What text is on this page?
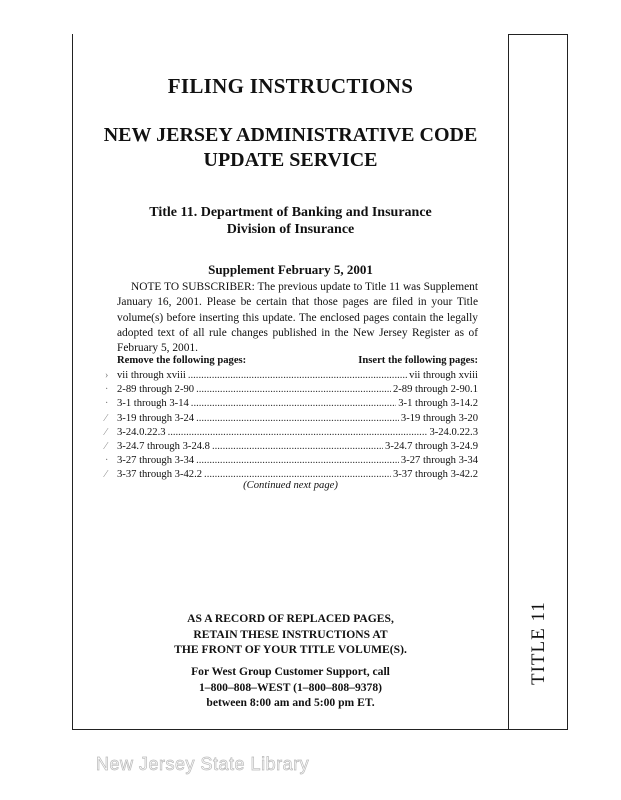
FILING INSTRUCTIONS
NEW JERSEY ADMINISTRATIVE CODE
UPDATE SERVICE
Title 11. Department of Banking and Insurance
Division of Insurance
Supplement February 5, 2001

NOTE TO SUBSCRIBER: The previous update to Title 11 was Supplement January 16, 2001. Please be certain that those pages are filed in your Title volume(s) before inserting this update. The enclosed pages contain the legally adopted text of all rule changes published in the New Jersey Register as of February 5, 2001.

Remove the following pages:	Insert the following pages:
› vii through xviii .....	vii through xviii
· 2-89 through 2-90 .....	2-89 through 2-90.1
· 3-1 through 3-14 .....	3-1 through 3-14.2
⁄ 3-19 through 3-24 .....	3-19 through 3-20
⁄ 3-24.0.22.3 .....	3-24.0.22.3
⁄ 3-24.7 through 3-24.8 .....	3-24.7 through 3-24.9
· 3-27 through 3-34 .....	3-27 through 3-34
⁄ 3-37 through 3-42.2 .....	3-37 through 3-42.2
(Continued next page)
AS A RECORD OF REPLACED PAGES,
RETAIN THESE INSTRUCTIONS AT
THE FRONT OF YOUR TITLE VOLUME(S).
For West Group Customer Support, call
1–800–808–WEST (1–800–808–9378)
between 8:00 am and 5:00 pm ET.
TITLE 11
New Jersey State Library
